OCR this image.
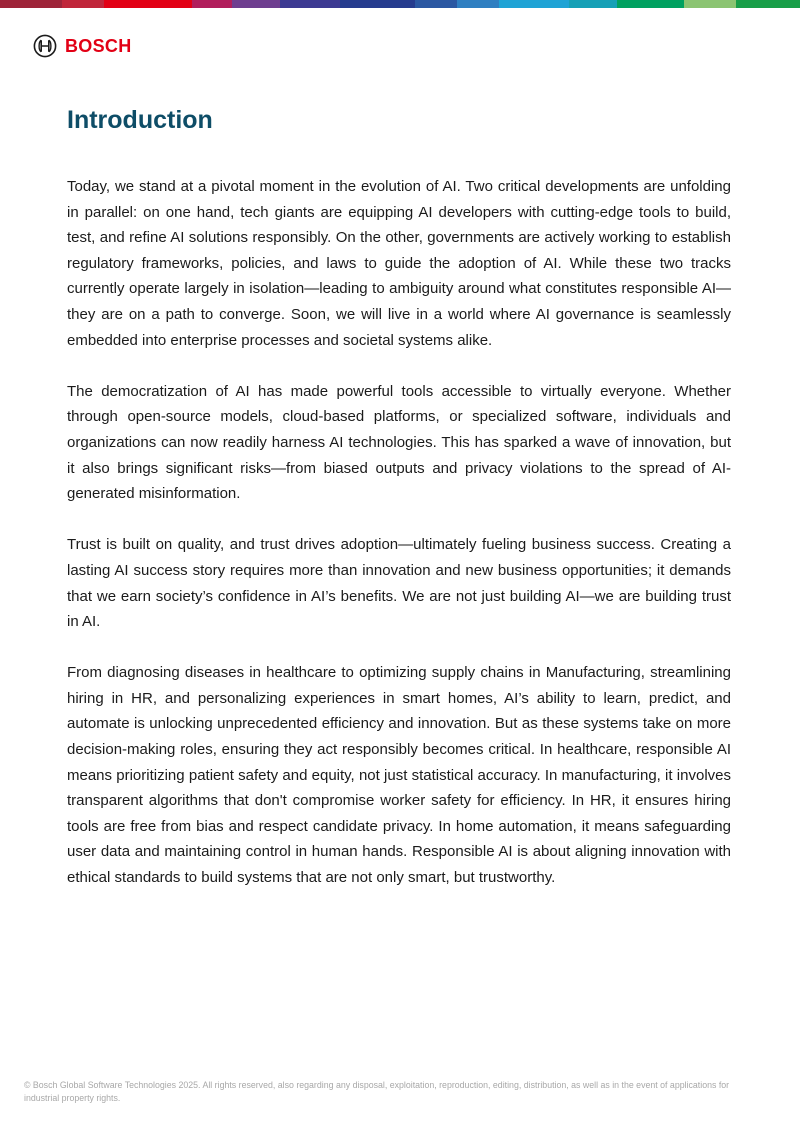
BOSCH
Introduction

Today, we stand at a pivotal moment in the evolution of AI. Two critical developments are unfolding in parallel: on one hand, tech giants are equipping AI developers with cutting-edge tools to build, test, and refine AI solutions responsibly. On the other, governments are actively working to establish regulatory frameworks, policies, and laws to guide the adoption of AI. While these two tracks currently operate largely in isolation—leading to ambiguity around what constitutes responsible AI—they are on a path to converge. Soon, we will live in a world where AI governance is seamlessly embedded into enterprise processes and societal systems alike.

The democratization of AI has made powerful tools accessible to virtually everyone. Whether through open-source models, cloud-based platforms, or specialized software, individuals and organizations can now readily harness AI technologies. This has sparked a wave of innovation, but it also brings significant risks—from biased outputs and privacy violations to the spread of AI-generated misinformation.

Trust is built on quality, and trust drives adoption—ultimately fueling business success. Creating a lasting AI success story requires more than innovation and new business opportunities; it demands that we earn society’s confidence in AI’s benefits. We are not just building AI—we are building trust in AI.

From diagnosing diseases in healthcare to optimizing supply chains in Manufacturing, streamlining hiring in HR, and personalizing experiences in smart homes, AI’s ability to learn, predict, and automate is unlocking unprecedented efficiency and innovation. But as these systems take on more decision-making roles, ensuring they act responsibly becomes critical. In healthcare, responsible AI means prioritizing patient safety and equity, not just statistical accuracy. In manufacturing, it involves transparent algorithms that don't compromise worker safety for efficiency. In HR, it ensures hiring tools are free from bias and respect candidate privacy. In home automation, it means safeguarding user data and maintaining control in human hands. Responsible AI is about aligning innovation with ethical standards to build systems that are not only smart, but trustworthy.

© Bosch Global Software Technologies 2025. All rights reserved, also regarding any disposal, exploitation, reproduction, editing, distribution, as well as in the event of applications for industrial property rights.
